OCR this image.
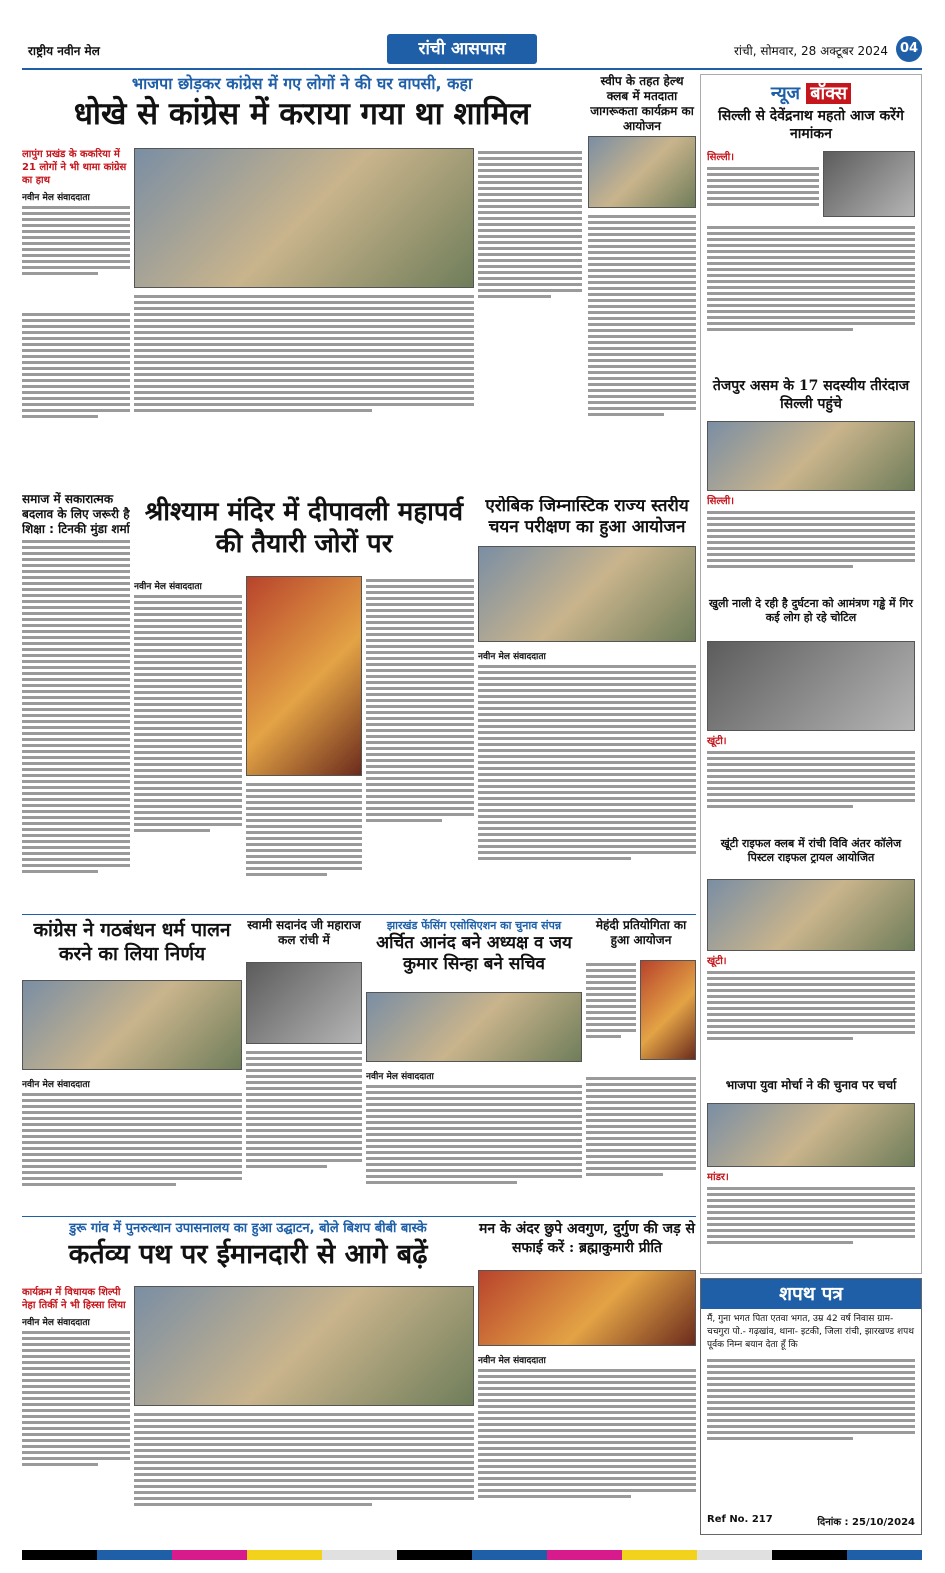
राष्ट्रीय नवीन मेल	रांची आसपास	रांची, सोमवार, 28 अक्टूबर 2024 04
भाजपा छोड़कर कांग्रेस में गए लोगों ने की घर वापसी, कहा
धोखे से कांग्रेस में कराया गया था शामिल
लापुंग प्रखंड के ककरिया में 21 लोगों ने भी थामा कांग्रेस का हाथ
नवीन मेल संवाददाता
स्वीप के तहत हेल्थ क्लब में मतदाता जागरूकता कार्यक्रम का आयोजन
समाज में सकारात्मक बदलाव के लिए जरूरी है शिक्षा : टिनकी मुंडा शर्मा
श्रीश्याम मंदिर में दीपावली महापर्व की तैयारी जोरों पर
नवीन मेल संवाददाता
एरोबिक जिम्नास्टिक राज्य स्तरीय चयन परीक्षण का हुआ आयोजन
नवीन मेल संवाददाता
कांग्रेस ने गठबंधन धर्म पालन करने का लिया निर्णय
नवीन मेल संवाददाता
स्वामी सदानंद जी महाराज कल रांची में
झारखंड फेंसिंग एसोसिएशन का चुनाव संपन्न
अर्चित आनंद बने अध्यक्ष व जय कुमार सिन्हा बने सचिव
नवीन मेल संवाददाता
मेहंदी प्रतियोगिता का हुआ आयोजन
डुरू गांव में पुनरुत्थान उपासनालय का हुआ उद्घाटन, बोले बिशप बीबी बास्के
कर्तव्य पथ पर ईमानदारी से आगे बढ़ें
कार्यक्रम में विधायक शिल्पी नेहा तिर्की ने भी हिस्सा लिया
नवीन मेल संवाददाता
मन के अंदर छुपे अवगुण, दुर्गुण की जड़ से सफाई करें : ब्रह्माकुमारी प्रीति
नवीन मेल संवाददाता
न्यूज बॉक्स
सिल्ली से देवेंद्रनाथ महतो आज करेंगे नामांकन
सिल्ली।
तेजपुर असम के 17 सदस्यीय तीरंदाज सिल्ली पहुंचे
सिल्ली।
खुली नाली दे रही है दुर्घटना को आमंत्रण गड्ढे में गिर कई लोग हो रहे चोटिल
खूंटी।
खूंटी राइफल क्लब में रांची विवि अंतर कॉलेज पिस्टल राइफल ट्रायल आयोजित
खूंटी।
भाजपा युवा मोर्चा ने की चुनाव पर चर्चा
मांडर।
शपथ पत्र
मैं, गुना भगत पिता एतवा भगत, उम्र 42 वर्ष निवास ग्राम- चचगुरा पो.- गढ़खांव, थाना- इटकी, जिला रांची, झारखण्ड शपथ पूर्वक निम्न बयान देता हूँ कि
Ref No. 217	दिनांक : 25/10/2024
